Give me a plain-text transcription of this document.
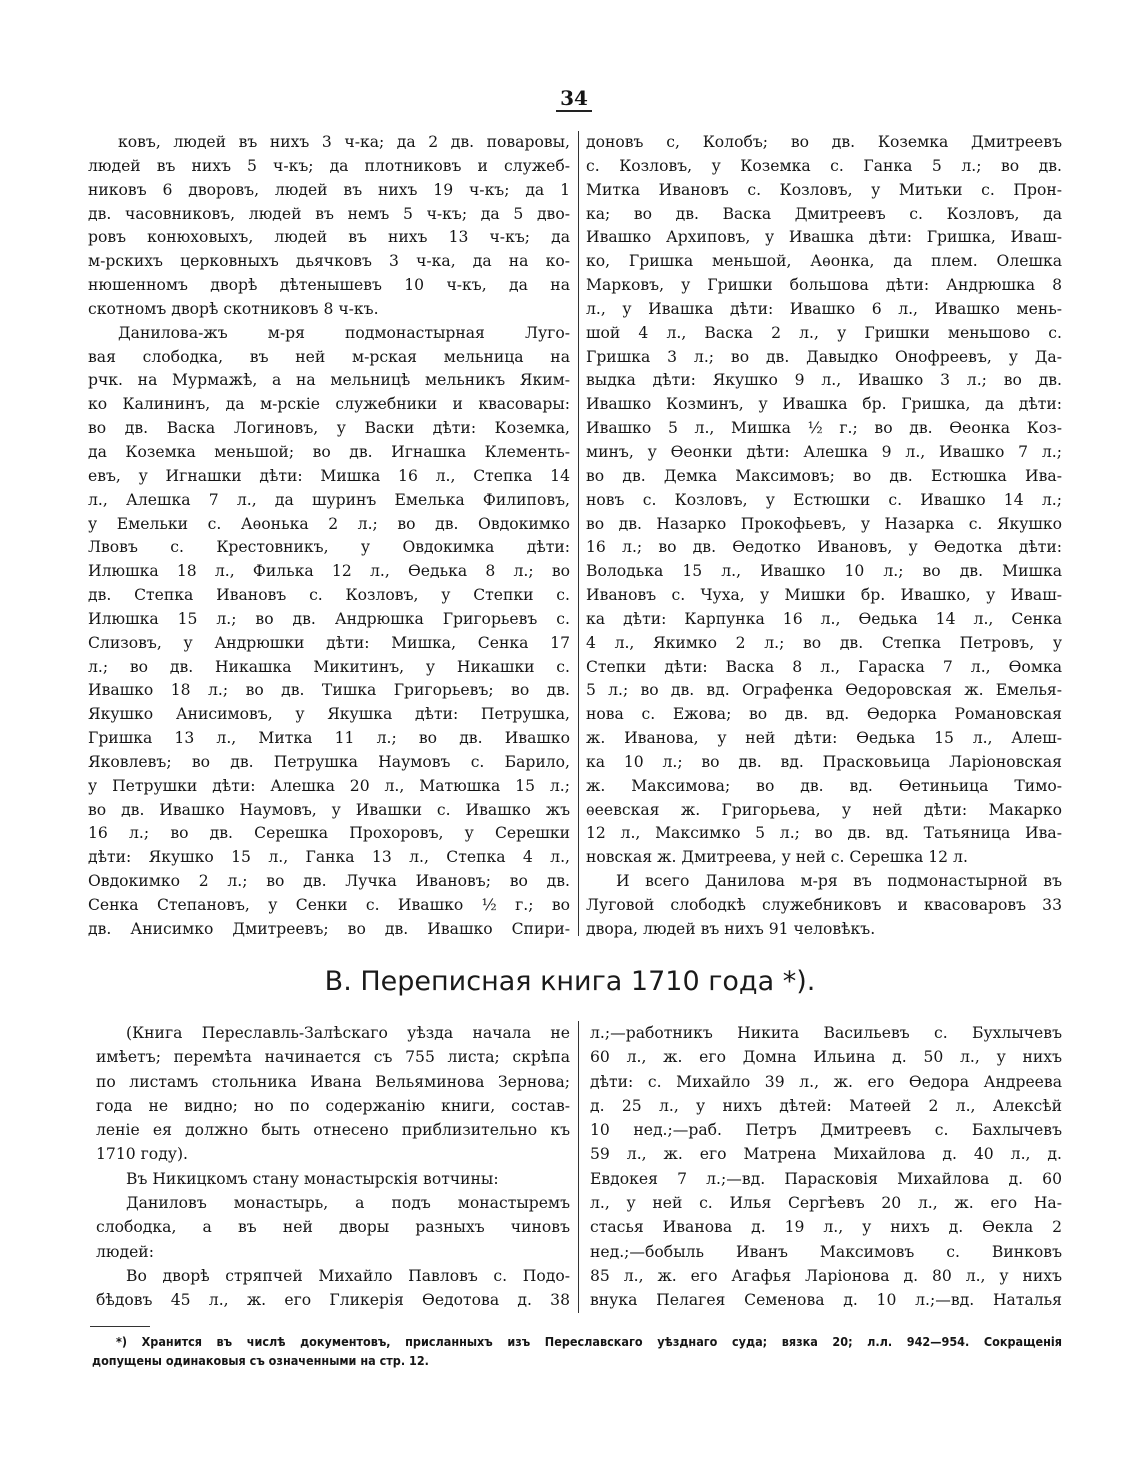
34
ковъ, людей въ нихъ 3 ч-ка; да 2 дв. поваровы,
людей въ нихъ 5 ч-къ; да плотниковъ и служеб-
никовъ 6 дворовъ, людей въ нихъ 19 ч-къ; да 1
дв. часовниковъ, людей въ немъ 5 ч-къ; да 5 дво-
ровъ конюховыхъ, людей въ нихъ 13 ч-къ; да
м-рскихъ церковныхъ дьячковъ 3 ч-ка, да на ко-
нюшенномъ дворѣ дѣтенышевъ 10 ч-къ, да на
скотномъ дворѣ скотниковъ 8 ч-къ.
Данилова-жъ м-ря подмонастырная Луго-
вая слободка, въ ней м-рская мельница на
рчк. на Мурмажѣ, а на мельницѣ мельникъ Яким-
ко Калининъ, да м-рскіе служебники и квасовары:
во дв. Васка Логиновъ, у Васки дѣти: Коземка,
да Коземка меньшой; во дв. Игнашка Клементь-
евъ, у Игнашки дѣти: Мишка 16 л., Степка 14
л., Алешка 7 л., да шуринъ Емелька Филиповъ,
у Емельки с. Аѳонька 2 л.; во дв. Овдокимко
Лвовъ с. Крестовникъ, у Овдокимка дѣти:
Илюшка 18 л., Филька 12 л., Ѳедька 8 л.; во
дв. Степка Ивановъ с. Козловъ, у Степки с.
Илюшка 15 л.; во дв. Андрюшка Григорьевъ с.
Слизовъ, у Андрюшки дѣти: Мишка, Сенка 17
л.; во дв. Никашка Микитинъ, у Никашки с.
Ивашко 18 л.; во дв. Тишка Григорьевъ; во дв.
Якушко Анисимовъ, у Якушка дѣти: Петрушка,
Гришка 13 л., Митка 11 л.; во дв. Ивашко
Яковлевъ; во дв. Петрушка Наумовъ с. Барило,
у Петрушки дѣти: Алешка 20 л., Матюшка 15 л.;
во дв. Ивашко Наумовъ, у Ивашки с. Ивашко жъ
16 л.; во дв. Серешка Прохоровъ, у Серешки
дѣти: Якушко 15 л., Ганка 13 л., Степка 4 л.,
Овдокимко 2 л.; во дв. Лучка Ивановъ; во дв.
Сенка Степановъ, у Сенки с. Ивашко ½ г.; во
дв. Анисимко Дмитреевъ; во дв. Ивашко Спири-
доновъ с, Колобъ; во дв. Коземка Дмитреевъ
с. Козловъ, у Коземка с. Ганка 5 л.; во дв.
Митка Ивановъ с. Козловъ, у Митьки с. Прон-
ка; во дв. Васка Дмитреевъ с. Козловъ, да
Ивашко Архиповъ, у Ивашка дѣти: Гришка, Иваш-
ко, Гришка меньшой, Аѳонка, да плем. Олешка
Марковъ, у Гришки большова дѣти: Андрюшка 8
л., у Ивашка дѣти: Ивашко 6 л., Ивашко мень-
шой 4 л., Васка 2 л., у Гришки меньшово с.
Гришка 3 л.; во дв. Давыдко Онофреевъ, у Да-
выдка дѣти: Якушко 9 л., Ивашко 3 л.; во дв.
Ивашко Козминъ, у Ивашка бр. Гришка, да дѣти:
Ивашко 5 л., Мишка ½ г.; во дв. Ѳеонка Коз-
минъ, у Ѳеонки дѣти: Алешка 9 л., Ивашко 7 л.;
во дв. Демка Максимовъ; во дв. Естюшка Ива-
новъ с. Козловъ, у Естюшки с. Ивашко 14 л.;
во дв. Назарко Прокофьевъ, у Назарка с. Якушко
16 л.; во дв. Ѳедотко Ивановъ, у Ѳедотка дѣти:
Володька 15 л., Ивашко 10 л.; во дв. Мишка
Ивановъ с. Чуха, у Мишки бр. Ивашко, у Иваш-
ка дѣти: Карпунка 16 л., Ѳедька 14 л., Сенка
4 л., Якимко 2 л.; во дв. Степка Петровъ, у
Степки дѣти: Васка 8 л., Гараска 7 л., Ѳомка
5 л.; во дв. вд. Ографенка Ѳедоровская ж. Емелья-
нова с. Ежова; во дв. вд. Ѳедорка Романовская
ж. Иванова, у ней дѣти: Ѳедька 15 л., Алеш-
ка 10 л.; во дв. вд. Прасковьица Ларіоновская
ж. Максимова; во дв. вд. Ѳетиньица Тимо-
ѳеевская ж. Григорьева, у ней дѣти: Макарко
12 л., Максимко 5 л.; во дв. вд. Татьяница Ива-
новская ж. Дмитреева, у ней с. Серешка 12 л.
И всего Данилова м-ря въ подмонастырной въ
Луговой слободкѣ служебниковъ и квасоваровъ 33
двора, людей въ нихъ 91 человѣкъ.
В. Переписная книга 1710 года *).
(Книга Переславль-Залѣскаго уѣзда начала не
имѣетъ; перемѣта начинается съ 755 листа; скрѣпа
по листамъ стольника Ивана Вельяминова Зернова;
года не видно; но по содержанію книги, состав-
леніе ея должно быть отнесено приблизительно къ
1710 году).
Въ Никицкомъ стану монастырскія вотчины:
Даниловъ монастырь, а подъ монастыремъ
слободка, а въ ней дворы разныхъ чиновъ
людей:
Во дворѣ стряпчей Михайло Павловъ с. Подо-
бѣдовъ 45 л., ж. его Гликерія Ѳедотова д. 38
л.;—работникъ Никита Васильевъ с. Бухлычевъ
60 л., ж. его Домна Ильина д. 50 л., у нихъ
дѣти: с. Михайло 39 л., ж. его Ѳедора Андреева
д. 25 л., у нихъ дѣтей: Матѳей 2 л., Алексѣй
10 нед.;—раб. Петръ Дмитреевъ с. Бахлычевъ
59 л., ж. его Матрена Михайлова д. 40 л., д.
Евдокея 7 л.;—вд. Парасковія Михайлова д. 60
л., у ней с. Илья Сергѣевъ 20 л., ж. его На-
стасья Иванова д. 19 л., у нихъ д. Ѳекла 2
нед.;—бобыль Иванъ Максимовъ с. Винковъ
85 л., ж. его Агафья Ларіонова д. 80 л., у нихъ
внука Пелагея Семенова д. 10 л.;—вд. Наталья
*) Хранится въ числѣ документовъ, присланныхъ изъ Переславскаго уѣзднаго суда; вязка 20; л.л. 942—954. Сокращенія
допущены одинаковыя съ означенными на стр. 12.
